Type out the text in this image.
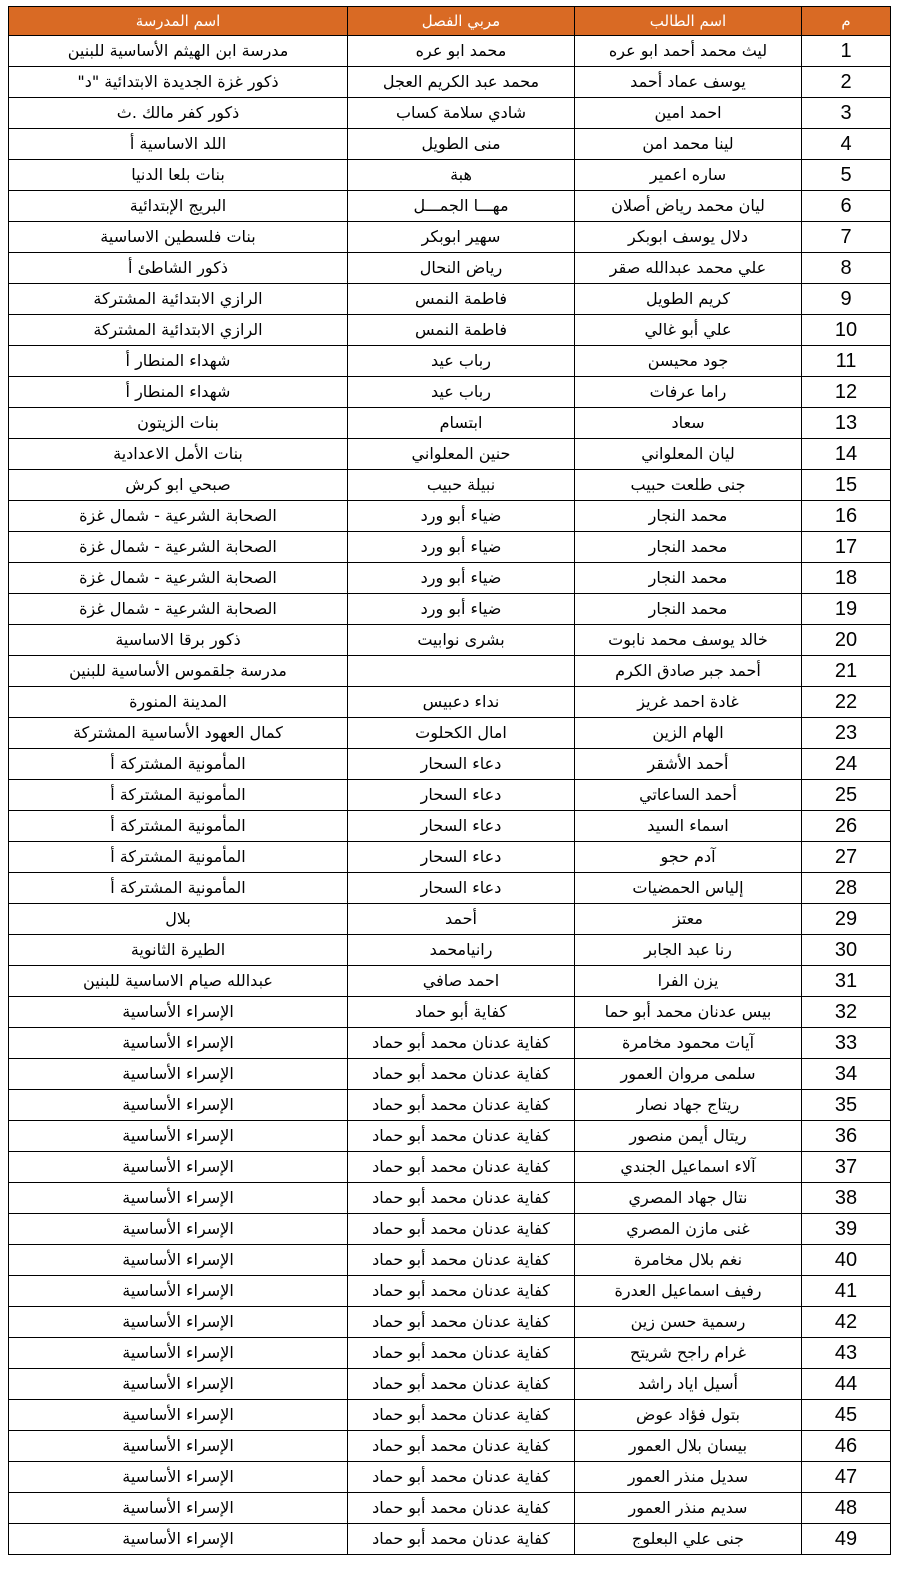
م	اسم الطالب	مربي الفصل	اسم المدرسة
1	ليث محمد أحمد ابو عره	محمد ابو عره	مدرسة ابن الهيثم الأساسية للبنين
2	يوسف عماد أحمد	محمد عبد الكريم العجل	ذكور غزة الجديدة الابتدائية "د"
3	احمد امين	شادي سلامة كساب	ذكور كفر مالك .ث
4	لينا محمد امن	منى الطويل	اللد الاساسية أ
5	ساره اعمير	هبة	بنات بلعا الدنيا
6	ليان محمد رياض أصلان	مهـــا الجمـــل	البريج الإبتدائية
7	دلال يوسف ابوبكر	سهير ابوبكر	بنات فلسطين الاساسية
8	علي محمد عبدالله صقر	رياض النحال	ذكور الشاطئ أ
9	كريم الطويل	فاطمة النمس	الرازي الابتدائية المشتركة
10	علي أبو غالي	فاطمة النمس	الرازي الابتدائية المشتركة
11	جود محيسن	رباب عيد	شهداء المنطار أ
12	راما عرفات	رباب عيد	شهداء المنطار أ
13	سعاد	ابتسام	بنات الزيتون
14	ليان المعلواني	حنين المعلواني	بنات الأمل الاعدادية
15	جنى طلعت حبيب	نبيلة حبيب	صبحي ابو كرش
16	محمد النجار	ضياء أبو ورد	الصحابة الشرعية - شمال غزة
17	محمد النجار	ضياء أبو ورد	الصحابة الشرعية - شمال غزة
18	محمد النجار	ضياء أبو ورد	الصحابة الشرعية - شمال غزة
19	محمد النجار	ضياء أبو ورد	الصحابة الشرعية - شمال غزة
20	خالد يوسف محمد نابوت	بشرى نوابيت	ذكور برقا الاساسية
21	أحمد جبر صادق الكرم		مدرسة جلقموس الأساسية للبنين
22	غادة احمد غريز	نداء دعبيس	المدينة المنورة
23	الهام الزين	امال الكحلوت	كمال العهود الأساسية المشتركة
24	أحمد الأشقر	دعاء السحار	المأمونية المشتركة أ
25	أحمد الساعاتي	دعاء السحار	المأمونية المشتركة أ
26	اسماء السيد	دعاء السحار	المأمونية المشتركة أ
27	آدم حجو	دعاء السحار	المأمونية المشتركة أ
28	إلياس الحمضيات	دعاء السحار	المأمونية المشتركة أ
29	معتز	أحمد	بلال
30	رنا عبد الجابر	رانيامحمد	الطيرة الثانوية
31	يزن الفرا	احمد صافي	عبدالله صيام الاساسية للبنين
32	بيس عدنان محمد أبو حما	كفاية أبو حماد	الإسراء الأساسية
33	آيات محمود مخامرة	كفاية عدنان محمد أبو حماد	الإسراء الأساسية
34	سلمى مروان العمور	كفاية عدنان محمد أبو حماد	الإسراء الأساسية
35	ريتاج جهاد نصار	كفاية عدنان محمد أبو حماد	الإسراء الأساسية
36	ريتال أيمن منصور	كفاية عدنان محمد أبو حماد	الإسراء الأساسية
37	آلاء اسماعيل الجندي	كفاية عدنان محمد أبو حماد	الإسراء الأساسية
38	نتال جهاد المصري	كفاية عدنان محمد أبو حماد	الإسراء الأساسية
39	غنى مازن المصري	كفاية عدنان محمد أبو حماد	الإسراء الأساسية
40	نغم بلال مخامرة	كفاية عدنان محمد أبو حماد	الإسراء الأساسية
41	رفيف اسماعيل العدرة	كفاية عدنان محمد أبو حماد	الإسراء الأساسية
42	رسمية حسن زين	كفاية عدنان محمد أبو حماد	الإسراء الأساسية
43	غرام راجح شريتح	كفاية عدنان محمد أبو حماد	الإسراء الأساسية
44	أسيل اياد راشد	كفاية عدنان محمد أبو حماد	الإسراء الأساسية
45	بتول فؤاد عوض	كفاية عدنان محمد أبو حماد	الإسراء الأساسية
46	بيسان بلال العمور	كفاية عدنان محمد أبو حماد	الإسراء الأساسية
47	سديل منذر العمور	كفاية عدنان محمد أبو حماد	الإسراء الأساسية
48	سديم منذر العمور	كفاية عدنان محمد أبو حماد	الإسراء الأساسية
49	جنى علي البعلوج	كفاية عدنان محمد أبو حماد	الإسراء الأساسية
